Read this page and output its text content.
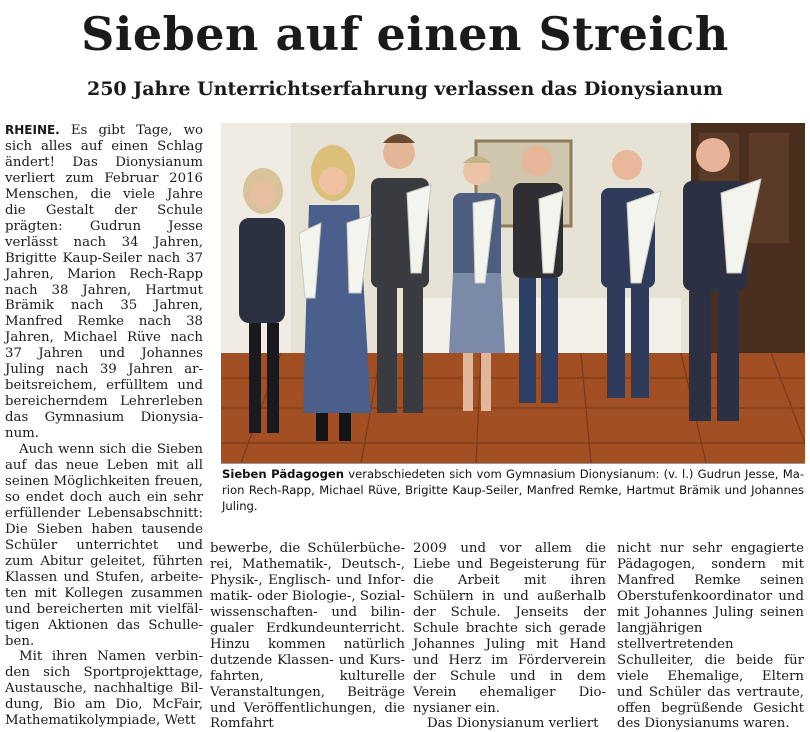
Sieben auf einen Streich
250 Jahre Unterrichtserfahrung verlassen das Dionysianum

RHEINE. Es gibt Tage, wo sich alles auf einen Schlag ändert! Das Dionysianum verliert zum Februar 2016 Menschen, die viele Jahre die Gestalt der Schule prägten: Gudrun Jesse verlässt nach 34 Jahren, Brigitte Kaup-Seiler nach 37 Jahren, Marion Rech-Rapp nach 38 Jahren, Hartmut Brämik nach 35 Jahren, Manfred Remke nach 38 Jahren, Michael Rüve nach 37 Jahren und Johannes Juling nach 39 Jahren arbeitsreichem, erfülltem und bereicherndem Lehrerleben das Gymnasium Dionysianum.

Auch wenn sich die Sieben auf das neue Leben mit all seinen Möglichkeiten freuen, so endet doch auch ein sehr erfüllender Lebensabschnitt: Die Sieben haben tausende Schüler unterrichtet und zum Abitur geleitet, führten Klassen und Stufen, arbeiteten mit Kollegen zusammen und bereicherten mit vielfältigen Aktionen das Schulleben.

Mit ihren Namen verbinden sich Sportprojekttage, Austausche, nachhaltige Bildung, Bio am Dio, McFair, Mathematikolympiade, Wett

Sieben Pädagogen verabschiedeten sich vom Gymnasium Dionysianum: (v. l.) Gudrun Jesse, Marion Rech-Rapp, Michael Rüve, Brigitte Kaup-Seiler, Manfred Remke, Hartmut Brämik und Johannes Juling.

bewerbe, die Schülerbücherei, Mathematik-, Deutsch-, Physik-, Englisch- und Informatik- oder Biologie-, Sozialwissenschaften- und bilingualer Erdkundeunterricht. Hinzu kommen natürlich dutzende Klassen- und Kursfahrten, kulturelle Veranstaltungen, Beiträge und Veröffentlichungen, die Romfahrt

2009 und vor allem die Liebe und Begeisterung für die Arbeit mit ihren Schülern in und außerhalb der Schule. Jenseits der Schule brachte sich gerade Johannes Juling mit Hand und Herz im Förderverein der Schule und in dem Verein ehemaliger Dionysianer ein.

Das Dionysianum verliert

nicht nur sehr engagierte Pädagogen, sondern mit Manfred Remke seinen Oberstufenkoordinator und mit Johannes Juling seinen langjährigen stellvertretenden Schulleiter, die beide für viele Ehemalige, Eltern und Schüler das vertraute, offen begrüßende Gesicht des Dionysianums waren.
